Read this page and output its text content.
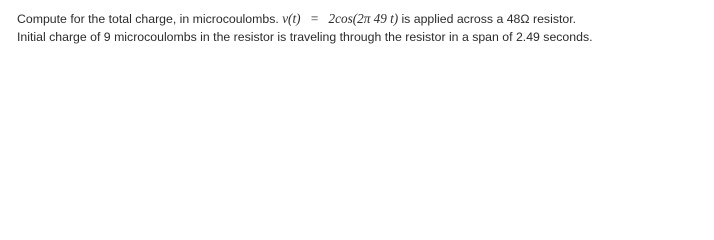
Compute for the total charge, in microcoulombs. v(t) = 2cos(2π 49 t) is applied across a 48Ω resistor.
Initial charge of 9 microcoulombs in the resistor is traveling through the resistor in a span of 2.49 seconds.
